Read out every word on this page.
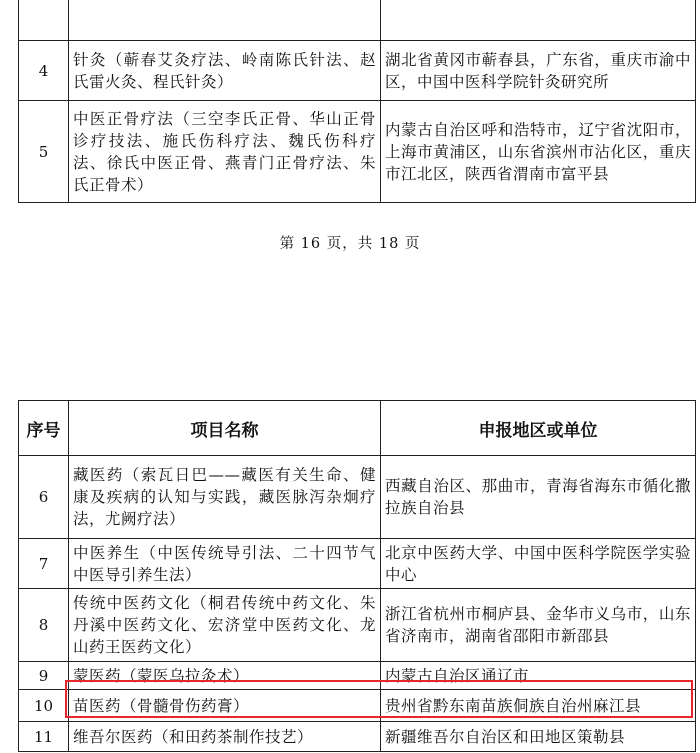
4	针灸（蕲春艾灸疗法、岭南陈氏针法、赵氏雷火灸、程氏针灸）	湖北省黄冈市蕲春县，广东省，重庆市渝中区，中国中医科学院针灸研究所
5	中医正骨疗法（三空李氏正骨、华山正骨诊疗技法、施氏伤科疗法、魏氏伤科疗法、徐氏中医正骨、燕青门正骨疗法、朱氏正骨术）	内蒙古自治区呼和浩特市，辽宁省沈阳市，上海市黄浦区，山东省滨州市沾化区，重庆市江北区，陕西省渭南市富平县
第 16 页，共 18 页
序号	项目名称	申报地区或单位
6	藏医药（索瓦日巴——藏医有关生命、健康及疾病的认知与实践，藏医脉泻杂炯疗法，尤阙疗法）	西藏自治区、那曲市，青海省海东市循化撒拉族自治县
7	中医养生（中医传统导引法、二十四节气中医导引养生法）	北京中医药大学、中国中医科学院医学实验中心
8	传统中医药文化（桐君传统中药文化、朱丹溪中医药文化、宏济堂中医药文化、龙山药王医药文化）	浙江省杭州市桐庐县、金华市义乌市，山东省济南市，湖南省邵阳市新邵县
9	蒙医药（蒙医乌拉灸术）	内蒙古自治区通辽市
10	苗医药（骨髓骨伤药膏）	贵州省黔东南苗族侗族自治州麻江县
11	维吾尔医药（和田药茶制作技艺）	新疆维吾尔自治区和田地区策勒县
